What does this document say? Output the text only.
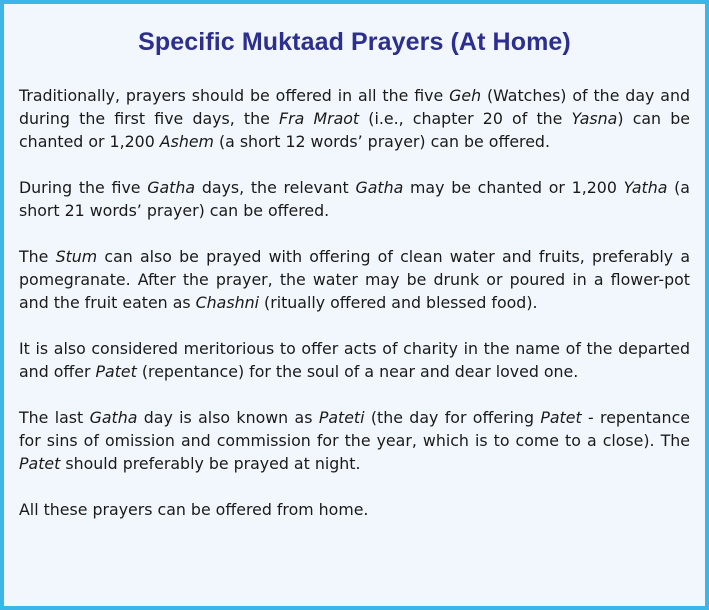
Specific Muktaad Prayers (At Home)

Traditionally, prayers should be offered in all the five Geh (Watches) of the day and during the first five days, the Fra Mraot (i.e., chapter 20 of the Yasna) can be chanted or 1,200 Ashem (a short 12 words’ prayer) can be offered.

During the five Gatha days, the relevant Gatha may be chanted or 1,200 Yatha (a short 21 words’ prayer) can be offered.

The Stum can also be prayed with offering of clean water and fruits, preferably a pomegranate. After the prayer, the water may be drunk or poured in a flower-pot and the fruit eaten as Chashni (ritually offered and blessed food).

It is also considered meritorious to offer acts of charity in the name of the departed and offer Patet (repentance) for the soul of a near and dear loved one.

The last Gatha day is also known as Pateti (the day for offering Patet - repentance for sins of omission and commission for the year, which is to come to a close). The Patet should preferably be prayed at night.

All these prayers can be offered from home.
